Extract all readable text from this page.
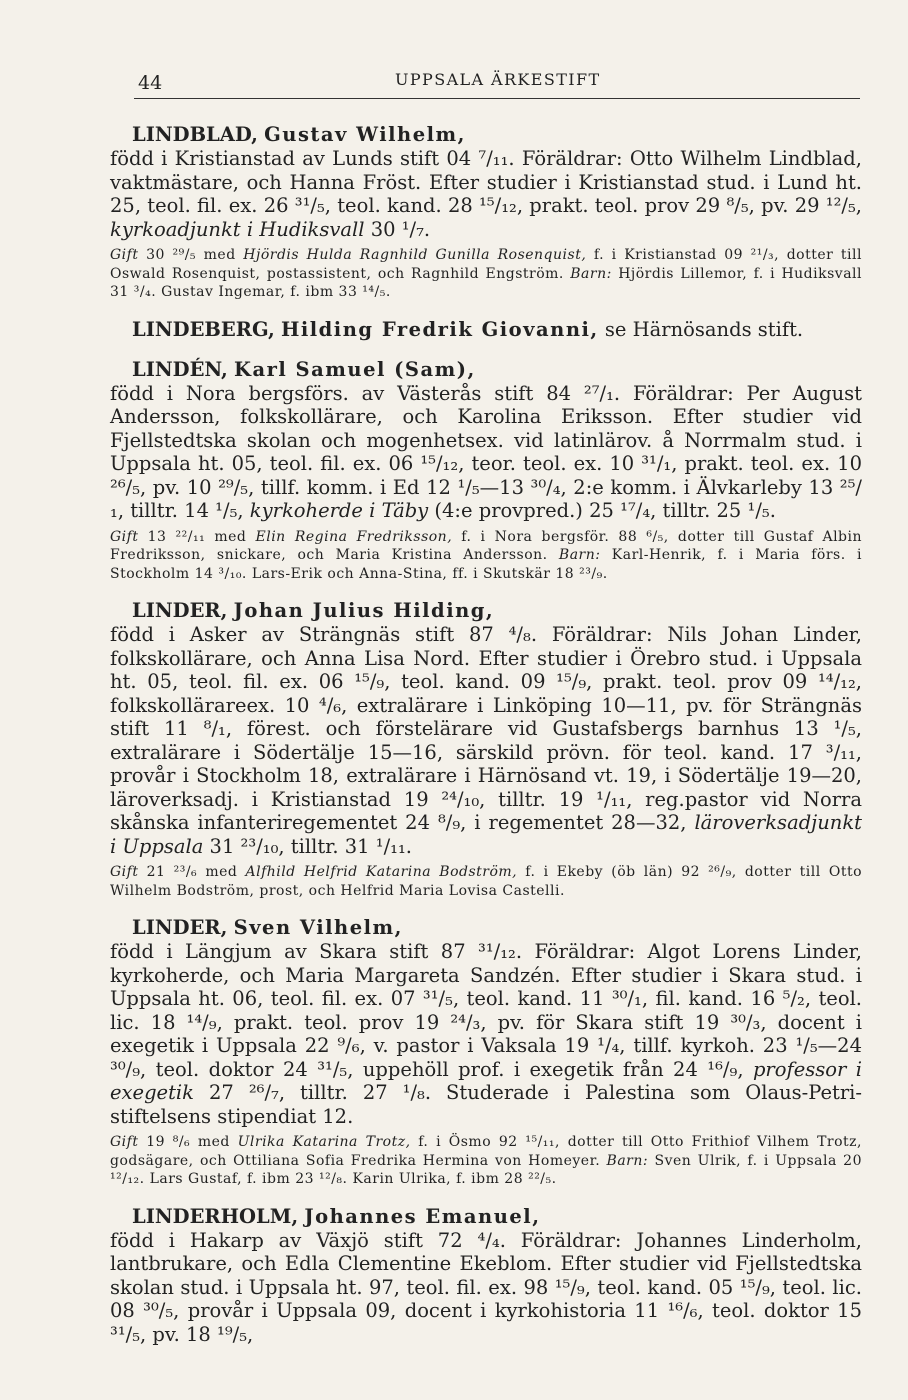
44	UPPSALA ÄRKESTIFT
LINDBLAD, Gustav Wilhelm,

född i Kristianstad av Lunds stift 04 ⁷/₁₁. Föräldrar: Otto Wilhelm Lindblad, vaktmästare, och Hanna Fröst. Efter studier i Kristianstad stud. i Lund ht. 25, teol. fil. ex. 26 ³¹/₅, teol. kand. 28 ¹⁵/₁₂, prakt. teol. prov 29 ⁸/₅, pv. 29 ¹²/₅, kyrkoadjunkt i Hudiksvall 30 ¹/₇.

Gift 30 ²⁹/₅ med Hjördis Hulda Ragnhild Gunilla Rosenquist, f. i Kristianstad 09 ²¹/₃, dotter till Oswald Rosenquist, postassistent, och Ragnhild Engström. Barn: Hjördis Lillemor, f. i Hudiksvall 31 ³/₄. Gustav Ingemar, f. ibm 33 ¹⁴/₅.

LINDEBERG, Hilding Fredrik Giovanni, se Härnösands stift.
LINDÉN, Karl Samuel (Sam),

född i Nora bergsförs. av Västerås stift 84 ²⁷/₁. Föräldrar: Per August Andersson, folkskollärare, och Karolina Eriksson. Efter studier vid Fjellstedtska skolan och mogenhetsex. vid latinlärov. å Norrmalm stud. i Uppsala ht. 05, teol. fil. ex. 06 ¹⁵/₁₂, teor. teol. ex. 10 ³¹/₁, prakt. teol. ex. 10 ²⁶/₅, pv. 10 ²⁹/₅, tillf. komm. i Ed 12 ¹/₅—13 ³⁰/₄, 2:e komm. i Älvkarleby 13 ²⁵/₁, tilltr. 14 ¹/₅, kyrkoherde i Täby (4:e provpred.) 25 ¹⁷/₄, tilltr. 25 ¹/₅.

Gift 13 ²²/₁₁ med Elin Regina Fredriksson, f. i Nora bergsför. 88 ⁶/₅, dotter till Gustaf Albin Fredriksson, snickare, och Maria Kristina Andersson. Barn: Karl-Henrik, f. i Maria förs. i Stockholm 14 ³/₁₀. Lars-Erik och Anna-Stina, ff. i Skutskär 18 ²³/₉.

LINDER, Johan Julius Hilding,

född i Asker av Strängnäs stift 87 ⁴/₈. Föräldrar: Nils Johan Linder, folkskollärare, och Anna Lisa Nord. Efter studier i Örebro stud. i Uppsala ht. 05, teol. fil. ex. 06 ¹⁵/₉, teol. kand. 09 ¹⁵/₉, prakt. teol. prov 09 ¹⁴/₁₂, folkskollärareex. 10 ⁴/₆, extralärare i Linköping 10—11, pv. för Strängnäs stift 11 ⁸/₁, förest. och förstelärare vid Gustafsbergs barnhus 13 ¹/₅, extralärare i Södertälje 15—16, särskild prövn. för teol. kand. 17 ³/₁₁, provår i Stockholm 18, extralärare i Härnösand vt. 19, i Södertälje 19—20, läroverksadj. i Kristianstad 19 ²⁴/₁₀, tilltr. 19 ¹/₁₁, reg.pastor vid Norra skånska infanteriregementet 24 ⁸/₉, i regementet 28—32, läroverksadjunkt i Uppsala 31 ²³/₁₀, tilltr. 31 ¹/₁₁.

Gift 21 ²³/₆ med Alfhild Helfrid Katarina Bodström, f. i Ekeby (öb län) 92 ²⁶/₉, dotter till Otto Wilhelm Bodström, prost, och Helfrid Maria Lovisa Castelli.

LINDER, Sven Vilhelm,

född i Längjum av Skara stift 87 ³¹/₁₂. Föräldrar: Algot Lorens Linder, kyrkoherde, och Maria Margareta Sandzén. Efter studier i Skara stud. i Uppsala ht. 06, teol. fil. ex. 07 ³¹/₅, teol. kand. 11 ³⁰/₁, fil. kand. 16 ⁵/₂, teol. lic. 18 ¹⁴/₉, prakt. teol. prov 19 ²⁴/₃, pv. för Skara stift 19 ³⁰/₃, docent i exegetik i Uppsala 22 ⁹/₆, v. pastor i Vaksala 19 ¹/₄, tillf. kyrkoh. 23 ¹/₅—24 ³⁰/₉, teol. doktor 24 ³¹/₅, uppehöll prof. i exegetik från 24 ¹⁶/₉, professor i exegetik 27 ²⁶/₇, tilltr. 27 ¹/₈. Studerade i Palestina som Olaus-Petri-stiftelsens stipendiat 12.

Gift 19 ⁸/₆ med Ulrika Katarina Trotz, f. i Ösmo 92 ¹⁵/₁₁, dotter till Otto Frithiof Vilhem Trotz, godsägare, och Ottiliana Sofia Fredrika Hermina von Homeyer. Barn: Sven Ulrik, f. i Uppsala 20 ¹²/₁₂. Lars Gustaf, f. ibm 23 ¹²/₈. Karin Ulrika, f. ibm 28 ²²/₅.

LINDERHOLM, Johannes Emanuel,

född i Hakarp av Växjö stift 72 ⁴/₄. Föräldrar: Johannes Linderholm, lantbrukare, och Edla Clementine Ekeblom. Efter studier vid Fjellstedtska skolan stud. i Uppsala ht. 97, teol. fil. ex. 98 ¹⁵/₉, teol. kand. 05 ¹⁵/₉, teol. lic. 08 ³⁰/₅, provår i Uppsala 09, docent i kyrkohistoria 11 ¹⁶/₆, teol. doktor 15 ³¹/₅, pv. 18 ¹⁹/₅,
